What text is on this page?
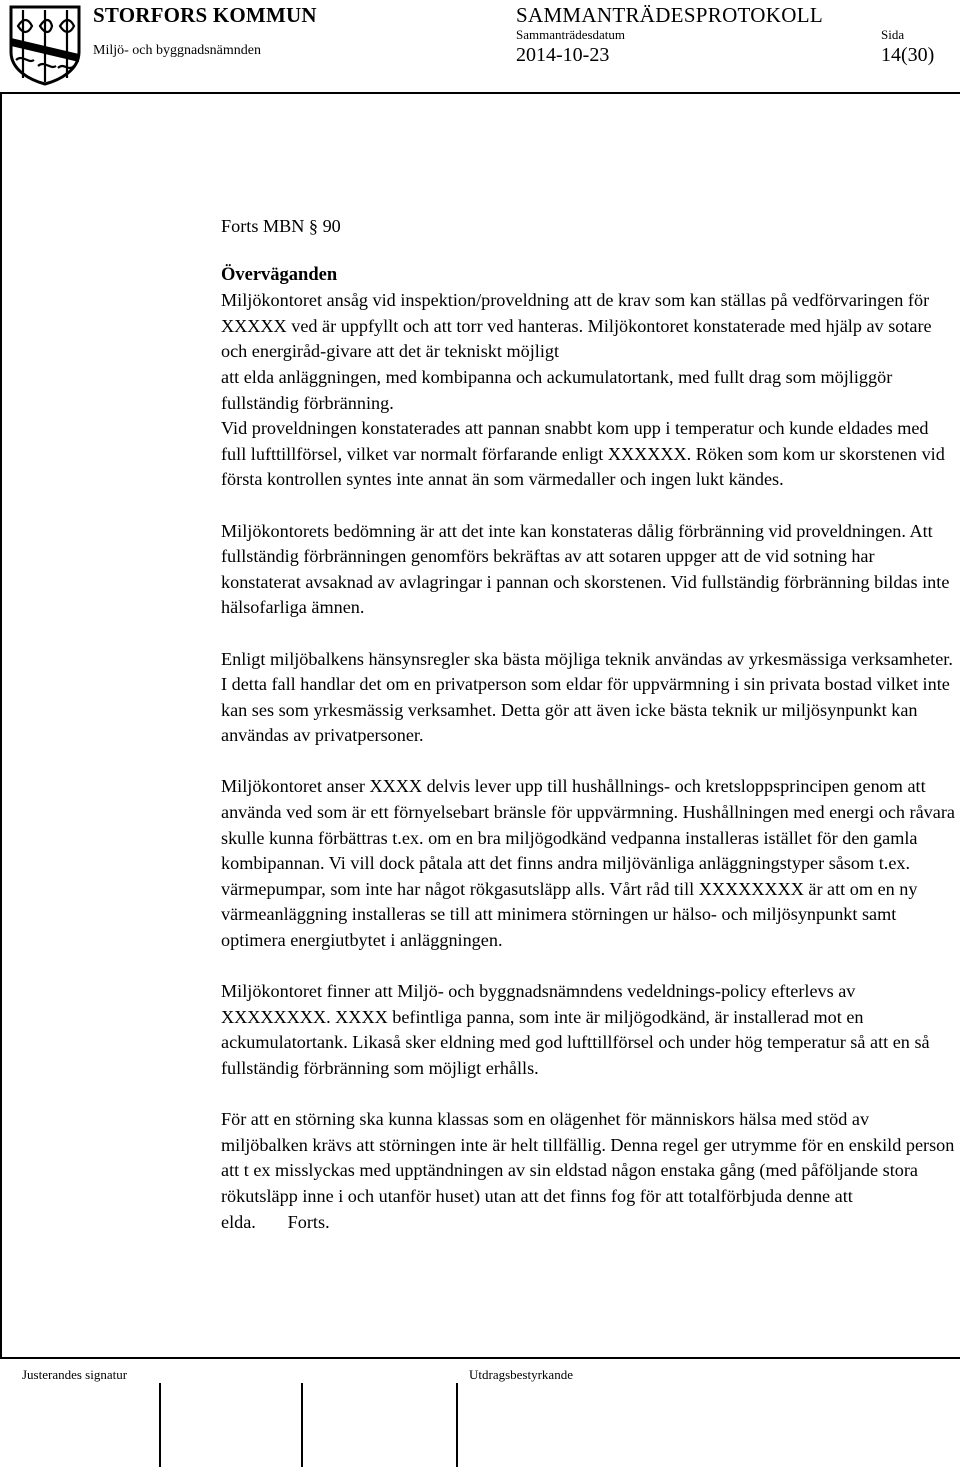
STORFORS KOMMUN
Miljö- och byggnadsnämnden
SAMMANTRÄDESPROTOKOLL
Sammanträdesdatum	Sida
2014-10-23	14(30)
Forts MBN § 90

Överväganden

Miljökontoret ansåg vid inspektion/proveldning att de krav som kan ställas på vedförvaringen för XXXXX ved är uppfyllt och att torr ved hanteras. Miljökontoret konstaterade med hjälp av sotare och energiråd-givare att det är tekniskt möjligt

att elda anläggningen, med kombipanna och ackumulatortank, med fullt drag som möjliggör fullständig förbränning.

Vid proveldningen konstaterades att pannan snabbt kom upp i temperatur och kunde eldades med full lufttillförsel, vilket var normalt förfarande enligt XXXXXX. Röken som kom ur skorstenen vid första kontrollen syntes inte annat än som värmedaller och ingen lukt kändes.

Miljökontorets bedömning är att det inte kan konstateras dålig förbränning vid proveldningen. Att fullständig förbränningen genomförs bekräftas av att sotaren uppger att de vid sotning har konstaterat avsaknad av avlagringar i pannan och skorstenen. Vid fullständig förbränning bildas inte hälsofarliga ämnen.

Enligt miljöbalkens hänsynsregler ska bästa möjliga teknik användas av yrkesmässiga verksamheter. I detta fall handlar det om en privatperson som eldar för uppvärmning i sin privata bostad vilket inte kan ses som yrkesmässig verksamhet. Detta gör att även icke bästa teknik ur miljösynpunkt kan användas av privatpersoner.

Miljökontoret anser XXXX delvis lever upp till hushållnings- och kretsloppsprincipen genom att använda ved som är ett förnyelsebart bränsle för uppvärmning. Hushållningen med energi och råvara skulle kunna förbättras t.ex. om en bra miljögodkänd vedpanna installeras istället för den gamla kombipannan. Vi vill dock påtala att det finns andra miljövänliga anläggningstyper såsom t.ex. värmepumpar, som inte har något rökgasutsläpp alls. Vårt råd till XXXXXXXX är att om en ny värmeanläggning installeras se till att minimera störningen ur hälso- och miljösynpunkt samt optimera energiutbytet i anläggningen.

Miljökontoret finner att Miljö- och byggnadsnämndens vedeldnings-policy efterlevs av XXXXXXXX. XXXX befintliga panna, som inte är miljögodkänd, är installerad mot en ackumulatortank. Likaså sker eldning med god lufttillförsel och under hög temperatur så att en så fullständig förbränning som möjligt erhålls.

För att en störning ska kunna klassas som en olägenhet för människors hälsa med stöd av miljöbalken krävs att störningen inte är helt tillfällig. Denna regel ger utrymme för en enskild person att t ex misslyckas med upptändningen av sin eldstad någon enstaka gång (med påföljande stora rökutsläpp inne i och utanför huset) utan att det finns fog för att totalförbjuda denne att elda. Forts.

Justerandes signatur	Utdragsbestyrkande
